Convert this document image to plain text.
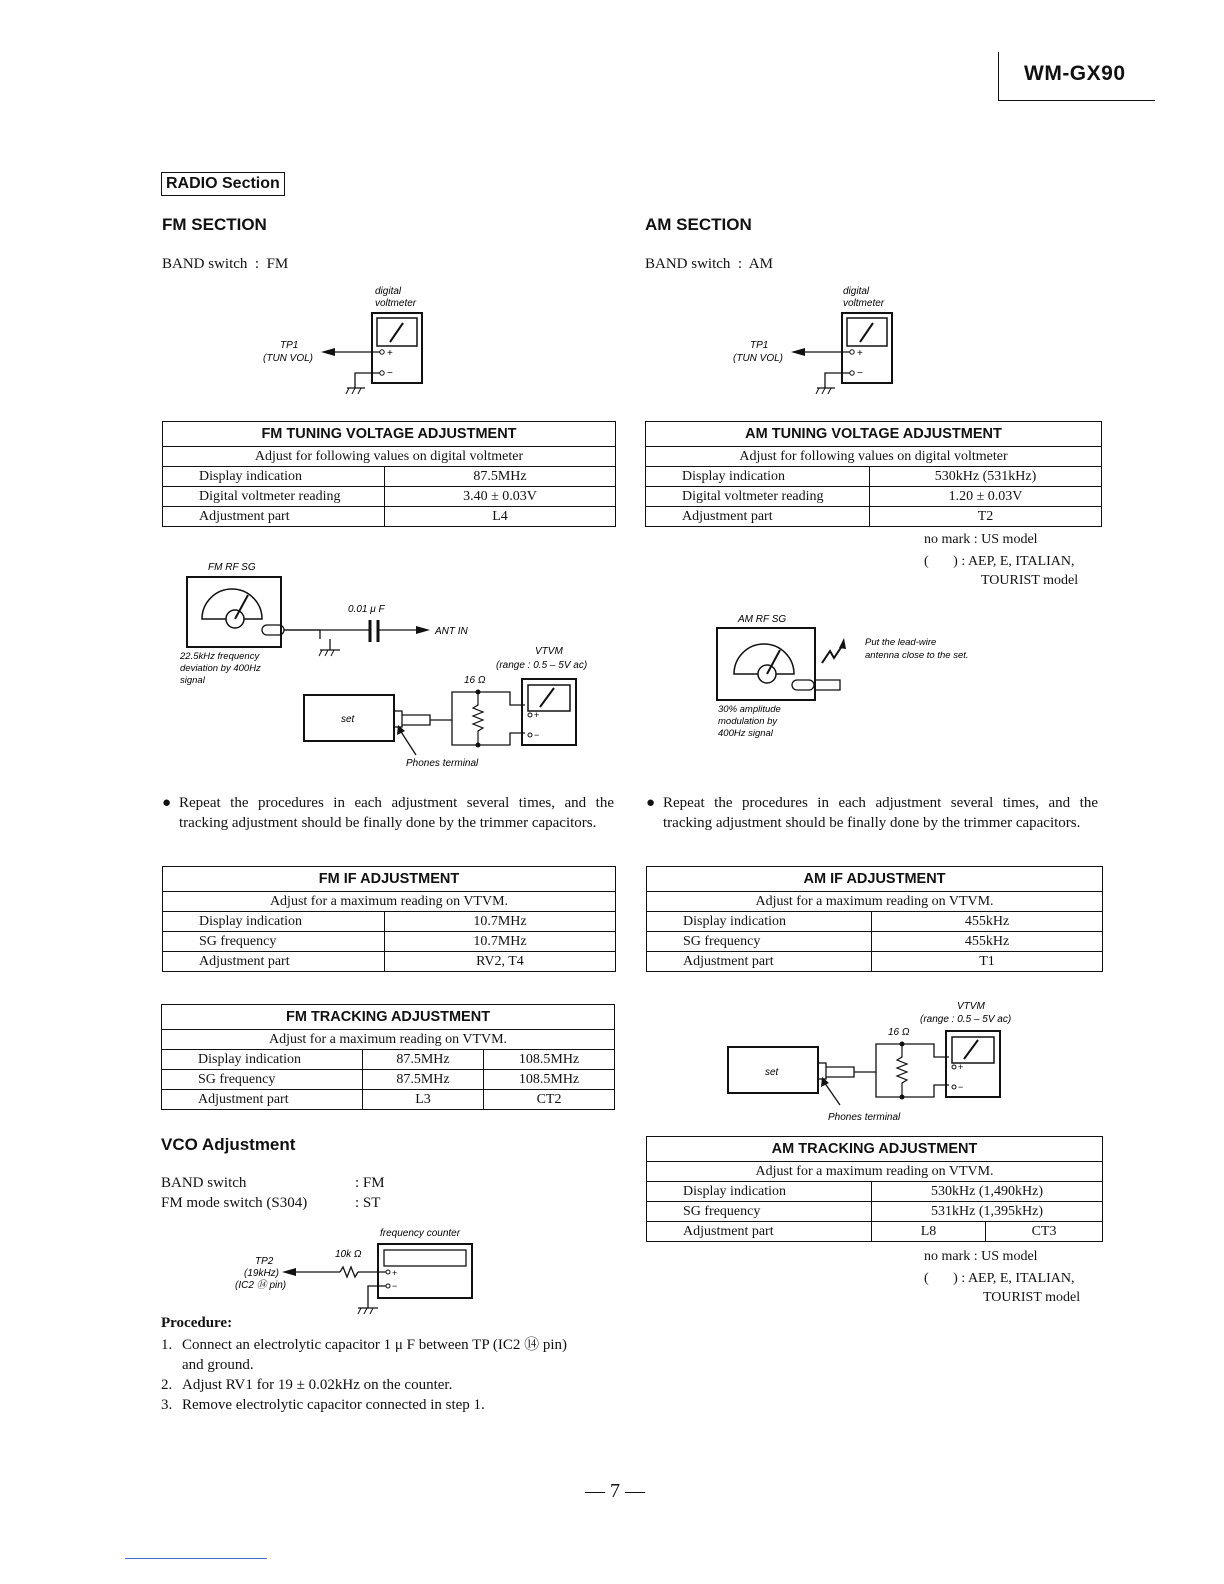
WM-GX90
RADIO Section
FM SECTION
BAND switch  :  FM
digital
voltmeter
+
−
TP1
(TUN VOL)
FM TUNING VOLTAGE ADJUSTMENT	
Adjust for following values on digital voltmeter	
Display indication	87.5MHz
Digital voltmeter reading	3.40 ± 0.03V
Adjustment part	L4
FM RF SG
0.01 μ F
ANT IN
22.5kHz frequency
deviation by 400Hz
signal
VTVM
(range : 0.5 – 5V ac)
16 Ω
set	+
−
Phones terminal
● Repeat the procedures in each adjustment several times, and the tracking adjustment should be finally done by the trimmer capacitors.
FM IF ADJUSTMENT	
Adjust for a maximum reading on VTVM.	
Display indication	10.7MHz
SG frequency	10.7MHz
Adjustment part	RV2, T4
FM TRACKING ADJUSTMENT		
Adjust for a maximum reading on VTVM.		
Display indication	87.5MHz	108.5MHz
SG frequency	87.5MHz	108.5MHz
Adjustment part	L3	CT2
VCO Adjustment
BAND switch	: FM
FM mode switch (S304)	: ST
frequency counter
10k Ω
+
−
TP2
(19kHz)
(IC2 ⑭ pin)
Procedure:
1. Connect an electrolytic capacitor 1 μ F between TP (IC2 ⑭ pin)
and ground.
2. Adjust RV1 for 19 ± 0.02kHz on the counter.
3. Remove electrolytic capacitor connected in step 1.
AM SECTION
BAND switch  :  AM
digital
voltmeter
+
−
TP1
(TUN VOL)
AM TUNING VOLTAGE ADJUSTMENT	
Adjust for following values on digital voltmeter	
Display indication	530kHz (531kHz)
Digital voltmeter reading	1.20 ± 0.03V
Adjustment part	T2
no mark : US model
(       ) : AEP, E, ITALIAN,
TOURIST model
AM RF SG
Put the lead-wire
antenna close to the set.
30% amplitude
modulation by
400Hz signal
● Repeat the procedures in each adjustment several times, and the tracking adjustment should be finally done by the trimmer capacitors.
AM IF ADJUSTMENT	
Adjust for a maximum reading on VTVM.	
Display indication	455kHz
SG frequency	455kHz
Adjustment part	T1
VTVM
(range : 0.5 – 5V ac)
16 Ω
set	+
−
Phones terminal
AM TRACKING ADJUSTMENT		
Adjust for a maximum reading on VTVM.		
Display indication	530kHz (1,490kHz)	
SG frequency	531kHz (1,395kHz)	
Adjustment part	L8	CT3
no mark : US model
(       ) : AEP, E, ITALIAN,
TOURIST model
— 7 —
